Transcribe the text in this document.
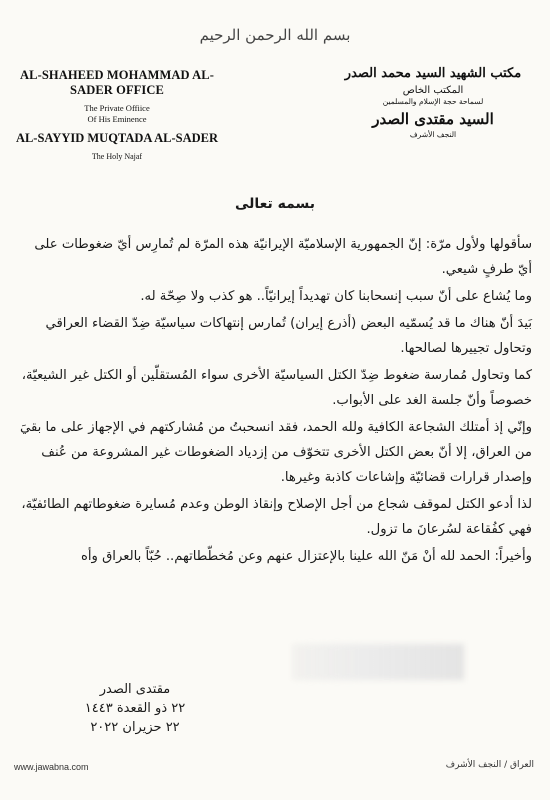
بسم الله الرحمن الرحيم
AL-SHAHEED MOHAMMAD AL-SADER OFFICE
The Private Offiice
Of His Eminence
AL-SAYYID MUQTADA AL-SADER
The Holy Najaf
مكتب الشهيد السيد محمد الصدر
المكتب الخاص
لسماحة حجة الإسلام والمسلمين
السيد مقتدى الصدر
النجف الأشرف
بسمه تعالى

سأقولها ولأول مرّة: إنّ الجمهورية الإسلاميّة الإيرانيّة هذه المرّة لم تُمارِس أيّ ضغوطات على أيّ طرفٍ شيعي.

وما يُشاع على أنّ سبب إنسحابنا كان تهديداً إيرانيّاً.. هو كذب ولا صِحّة له.

بَيدَ أنّ هناك ما قد يُسمّيه البعض (أذرع إيران) تُمارس إنتهاكات سياسيّة ضِدّ القضاء العراقي وتحاول تجييرها لصالحها.

كما وتحاول مُمارسة ضغوط ضِدّ الكتل السياسيّة الأخرى سواء المُستقلّين أو الكتل غير الشيعيّة، خصوصاً وأنّ جلسة الغد على الأبواب.

وإنّي إذ أمتلك الشجاعة الكافية ولله الحمد، فقد انسحبتُ من مُشاركتهم في الإجهاز على ما بقيَ من العراق، إلا أنّ بعض الكتل الأخرى تتخوّف من إزدياد الضغوطات غير المشروعة من عُنف وإصدار قرارات قضائيّة وإشاعات كاذبة وغيرها.

لذا أدعو الكتل لموقف شجاع من أجل الإصلاح وإنقاذ الوطن وعدم مُسايرة ضغوطاتهم الطائفيّة، فهي كفُقاعة لسُرعانَ ما تزول.

وأخيراً: الحمد لله أنْ مَنّ الله علينا بالإعتزال عنهم وعن مُخطّطاتهم.. حُبّاً بالعراق وأه

مقتدى الصدر
٢٢ ذو القعدة ١٤٤٣
٢٢ حزيران ٢٠٢٢
www.jawabna.com	العراق / النجف الأشرف
